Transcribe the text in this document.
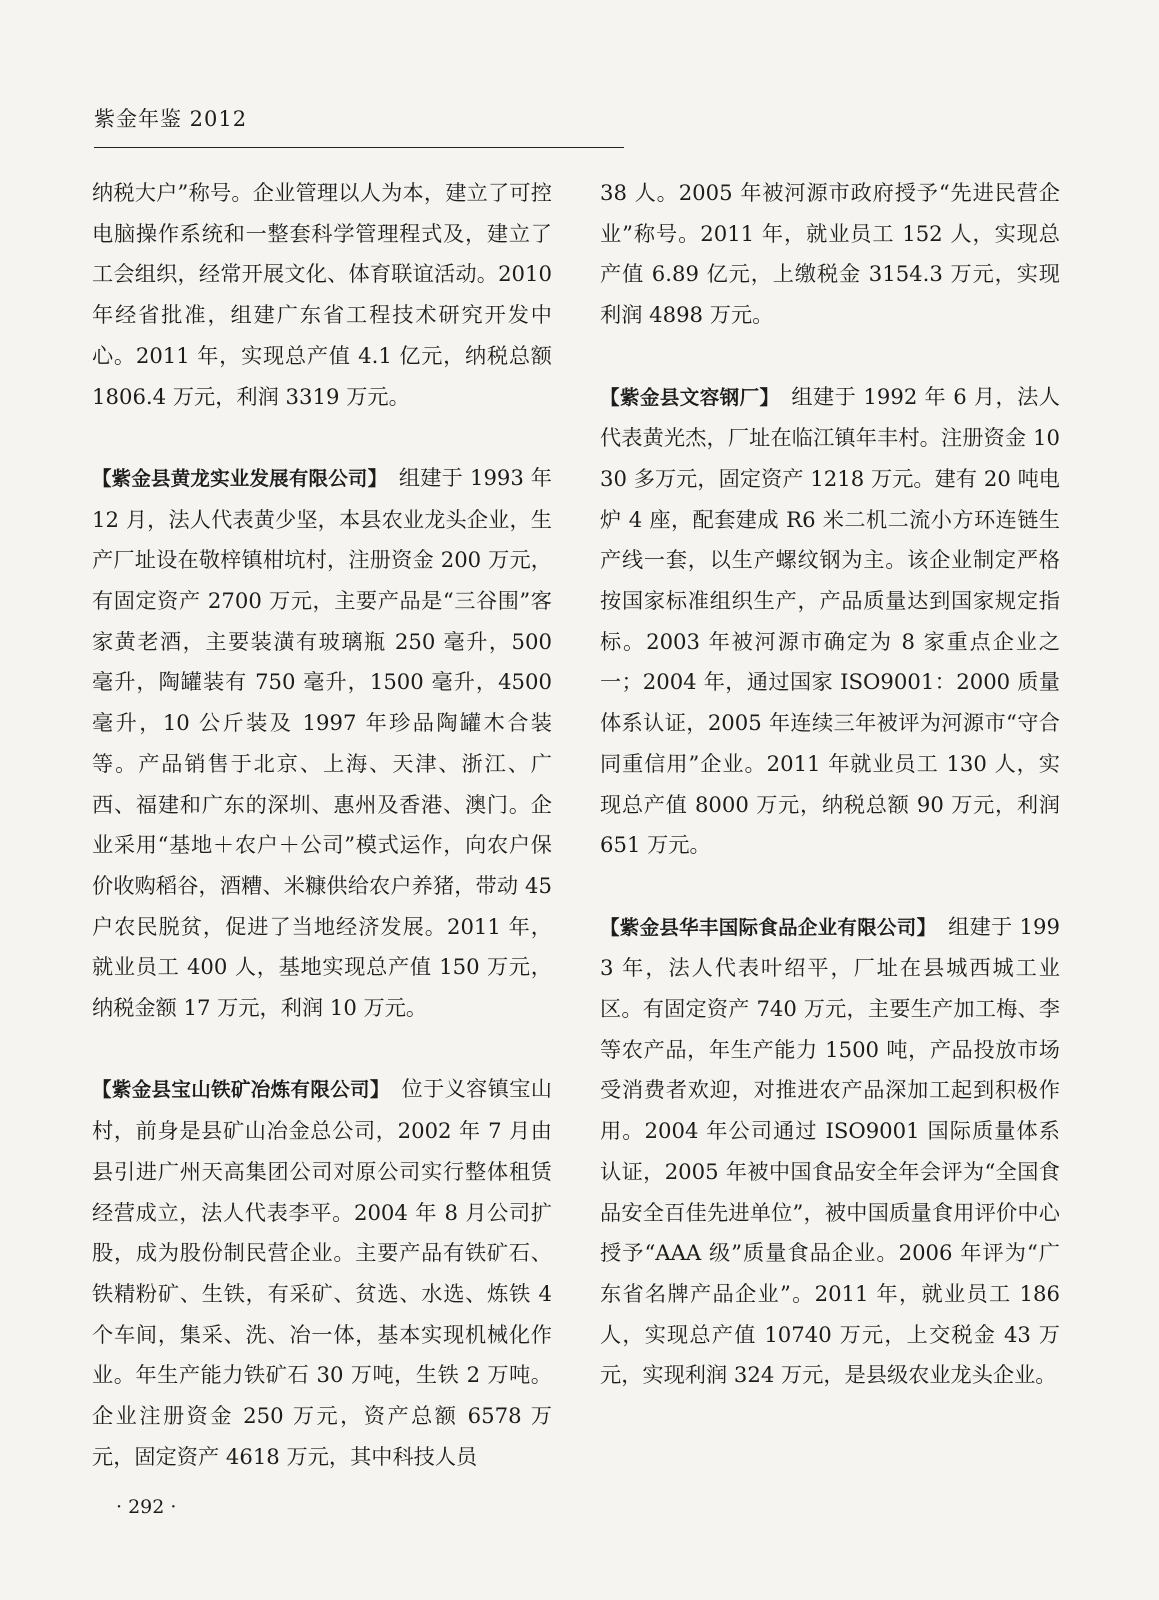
紫金年鉴 2012

纳税大户”称号。企业管理以人为本，建立了可控电脑操作系统和一整套科学管理程式及，建立了工会组织，经常开展文化、体育联谊活动。2010 年经省批准，组建广东省工程技术研究开发中心。2011 年，实现总产值 4.1 亿元，纳税总额 1806.4 万元，利润 3319 万元。

【紫金县黄龙实业发展有限公司】　组建于 1993 年 12 月，法人代表黄少坚，本县农业龙头企业，生产厂址设在敬梓镇柑坑村，注册资金 200 万元，有固定资产 2700 万元，主要产品是“三谷围”客家黄老酒，主要装潢有玻璃瓶 250 毫升，500 毫升，陶罐装有 750 毫升，1500 毫升，4500 毫升，10 公斤装及 1997 年珍品陶罐木合装等。产品销售于北京、上海、天津、浙江、广西、福建和广东的深圳、惠州及香港、澳门。企业采用“基地＋农户＋公司”模式运作，向农户保价收购稻谷，酒糟、米糠供给农户养猪，带动 45 户农民脱贫，促进了当地经济发展。2011 年，就业员工 400 人，基地实现总产值 150 万元，纳税金额 17 万元，利润 10 万元。

【紫金县宝山铁矿冶炼有限公司】　位于义容镇宝山村，前身是县矿山冶金总公司，2002 年 7 月由县引进广州天高集团公司对原公司实行整体租赁经营成立，法人代表李平。2004 年 8 月公司扩股，成为股份制民营企业。主要产品有铁矿石、铁精粉矿、生铁，有采矿、贫选、水选、炼铁 4 个车间，集采、洗、冶一体，基本实现机械化作业。年生产能力铁矿石 30 万吨，生铁 2 万吨。企业注册资金 250 万元，资产总额 6578 万元，固定资产 4618 万元，其中科技人员

38 人。2005 年被河源市政府授予“先进民营企业”称号。2011 年，就业员工 152 人，实现总产值 6.89 亿元，上缴税金 3154.3 万元，实现利润 4898 万元。

【紫金县文容钢厂】　组建于 1992 年 6 月，法人代表黄光杰，厂址在临江镇年丰村。注册资金 1030 多万元，固定资产 1218 万元。建有 20 吨电炉 4 座，配套建成 R6 米二机二流小方环连链生产线一套，以生产螺纹钢为主。该企业制定严格按国家标准组织生产，产品质量达到国家规定指标。2003 年被河源市确定为 8 家重点企业之一；2004 年，通过国家 ISO9001：2000 质量体系认证，2005 年连续三年被评为河源市“守合同重信用”企业。2011 年就业员工 130 人，实现总产值 8000 万元，纳税总额 90 万元，利润 651 万元。

【紫金县华丰国际食品企业有限公司】　组建于 1993 年，法人代表叶绍平，厂址在县城西城工业区。有固定资产 740 万元，主要生产加工梅、李等农产品，年生产能力 1500 吨，产品投放市场受消费者欢迎，对推进农产品深加工起到积极作用。2004 年公司通过 ISO9001 国际质量体系认证，2005 年被中国食品安全年会评为“全国食品安全百佳先进单位”，被中国质量食用评价中心授予“AAA 级”质量食品企业。2006 年评为“广东省名牌产品企业”。2011 年，就业员工 186 人，实现总产值 10740 万元，上交税金 43 万元，实现利润 324 万元，是县级农业龙头企业。

· 292 ·
